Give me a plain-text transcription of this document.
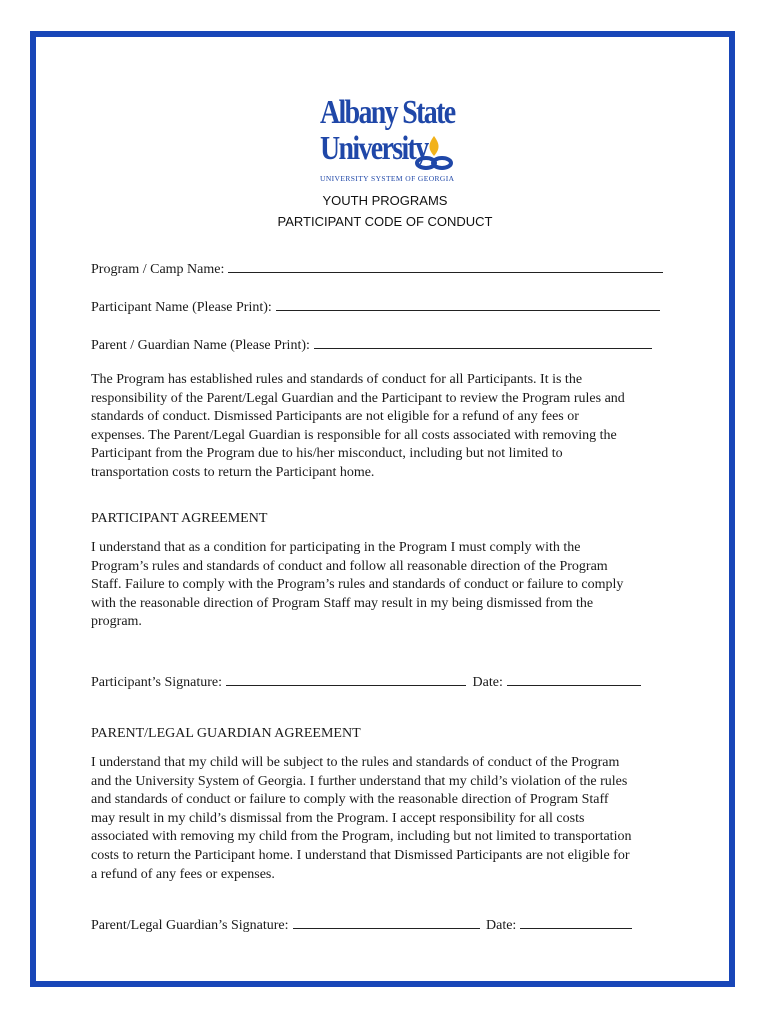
Albany State
University
UNIVERSITY SYSTEM OF GEORGIA
YOUTH PROGRAMS
PARTICIPANT CODE OF CONDUCT
Program / Camp Name:
Participant Name (Please Print):
Parent / Guardian Name (Please Print):

The Program has established rules and standards of conduct for all Participants. It is the

responsibility of the Parent/Legal Guardian and the Participant to review the Program rules and

standards of conduct. Dismissed Participants are not eligible for a refund of any fees or

expenses. The Parent/Legal Guardian is responsible for all costs associated with removing the

Participant from the Program due to his/her misconduct, including but not limited to

transportation costs to return the Participant home.

PARTICIPANT AGREEMENT

I understand that as a condition for participating in the Program I must comply with the

Program’s rules and standards of conduct and follow all reasonable direction of the Program

Staff. Failure to comply with the Program’s rules and standards of conduct or failure to comply

with the reasonable direction of Program Staff may result in my being dismissed from the

program.

Participant’s Signature:	Date:
PARENT/LEGAL GUARDIAN AGREEMENT

I understand that my child will be subject to the rules and standards of conduct of the Program

and the University System of Georgia. I further understand that my child’s violation of the rules

and standards of conduct or failure to comply with the reasonable direction of Program Staff

may result in my child’s dismissal from the Program. I accept responsibility for all costs

associated with removing my child from the Program, including but not limited to transportation

costs to return the Participant home. I understand that Dismissed Participants are not eligible for

a refund of any fees or expenses.

Parent/Legal Guardian’s Signature:	Date:
